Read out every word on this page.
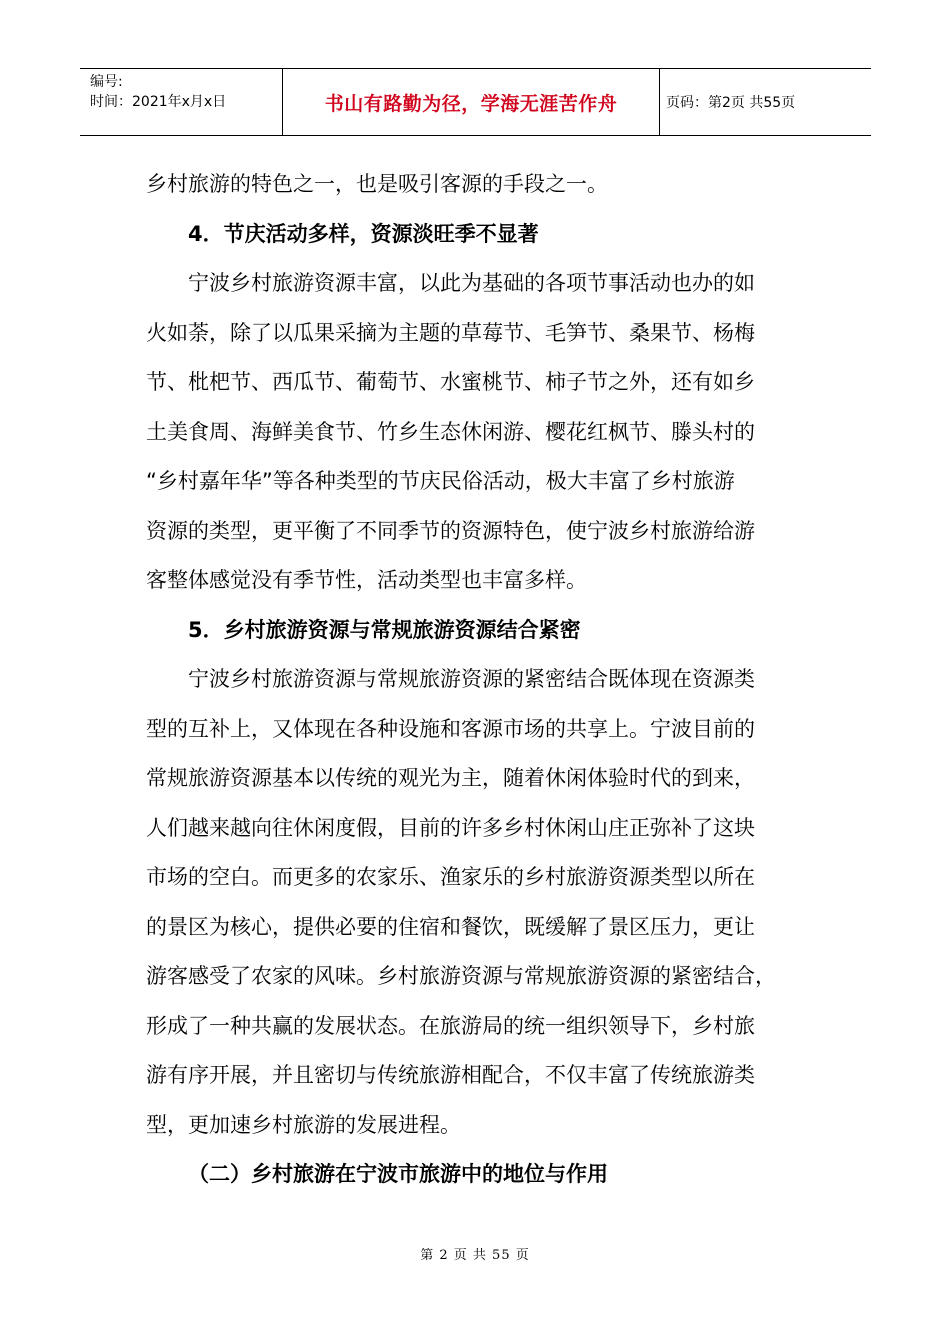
编号:
时间：2021年x月x日	书山有路勤为径，学海无涯苦作舟	页码：第2页 共55页
乡村旅游的特色之一，也是吸引客源的手段之一。
4．节庆活动多样，资源淡旺季不显著
宁波乡村旅游资源丰富，以此为基础的各项节事活动也办的如
火如荼，除了以瓜果采摘为主题的草莓节、毛笋节、桑果节、杨梅
节、枇杷节、西瓜节、葡萄节、水蜜桃节、柿子节之外，还有如乡
土美食周、海鲜美食节、竹乡生态休闲游、樱花红枫节、滕头村的
“乡村嘉年华”等各种类型的节庆民俗活动，极大丰富了乡村旅游
资源的类型，更平衡了不同季节的资源特色，使宁波乡村旅游给游
客整体感觉没有季节性，活动类型也丰富多样。
5．乡村旅游资源与常规旅游资源结合紧密
宁波乡村旅游资源与常规旅游资源的紧密结合既体现在资源类
型的互补上，又体现在各种设施和客源市场的共享上。宁波目前的
常规旅游资源基本以传统的观光为主，随着休闲体验时代的到来，
人们越来越向往休闲度假，目前的许多乡村休闲山庄正弥补了这块
市场的空白。而更多的农家乐、渔家乐的乡村旅游资源类型以所在
的景区为核心，提供必要的住宿和餐饮，既缓解了景区压力，更让
游客感受了农家的风味。乡村旅游资源与常规旅游资源的紧密结合，
形成了一种共赢的发展状态。在旅游局的统一组织领导下，乡村旅
游有序开展，并且密切与传统旅游相配合，不仅丰富了传统旅游类
型，更加速乡村旅游的发展进程。
（二）乡村旅游在宁波市旅游中的地位与作用
第 2 页 共 55 页
